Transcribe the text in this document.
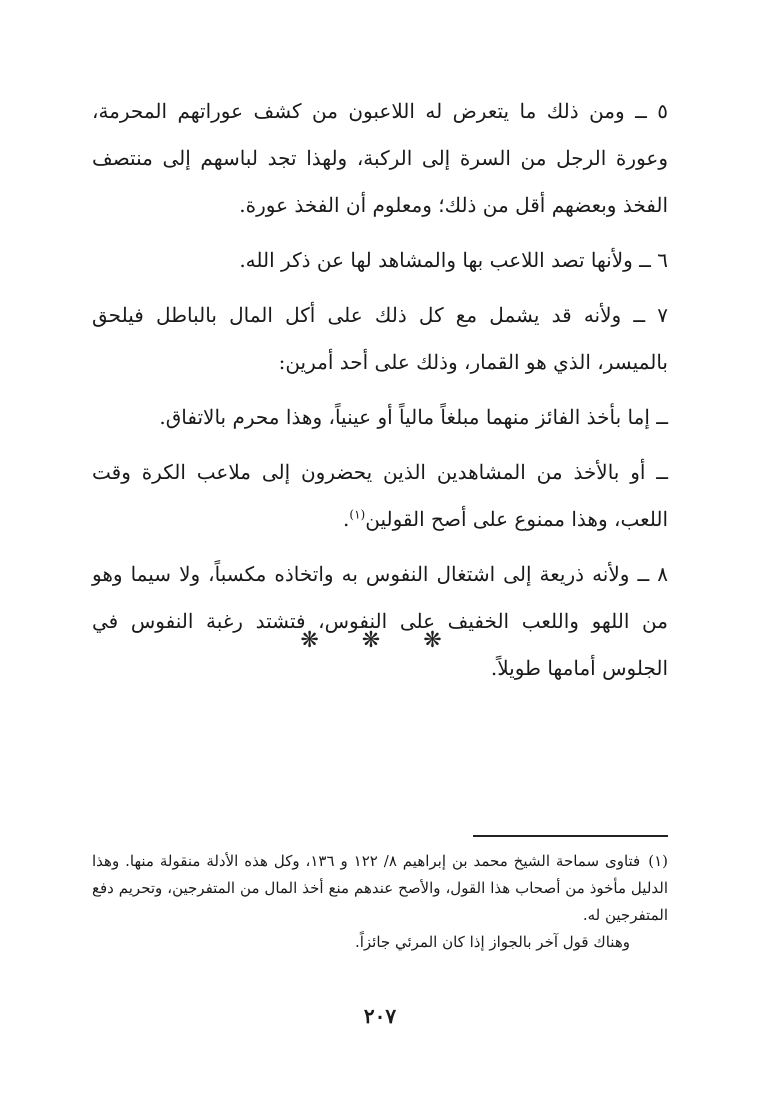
٥ ــ ومن ذلك ما يتعرض له اللاعبون من كشف عوراتهم المحرمة، وعورة الرجل من السرة إلى الركبة، ولهذا تجد لباسهم إلى منتصف الفخذ وبعضهم أقل من ذلك؛ ومعلوم أن الفخذ عورة.

٦ ــ ولأنها تصد اللاعب بها والمشاهد لها عن ذكر الله.

٧ ــ ولأنه قد يشمل مع كل ذلك على أكل المال بالباطل فيلحق بالميسر، الذي هو القمار، وذلك على أحد أمرين:

ــ إما بأخذ الفائز منهما مبلغاً مالياً أو عينياً، وهذا محرم بالاتفاق.

ــ أو بالأخذ من المشاهدين الذين يحضرون إلى ملاعب الكرة وقت اللعب، وهذا ممنوع على أصح القولين$^{(١)}$.

٨ ــ ولأنه ذريعة إلى اشتغال النفوس به واتخاذه مكسباً، ولا سيما وهو من اللهو واللعب الخفيف على النفوس، فتشتد رغبة النفوس في الجلوس أمامها طويلاً.

❋ ❋ ❋

(١)فتاوى سماحة الشيخ محمد بن إبراهيم ٨/ ١٢٢ و ١٣٦، وكل هذه الأدلة منقولة منها. وهذا الدليل مأخوذ من أصحاب هذا القول، والأصح عندهم منع أخذ المال من المتفرجين، وتحريم دفع المتفرجين له.

وهناك قول آخر بالجواز إذا كان المرئي جائزاً.

٢٠٧
